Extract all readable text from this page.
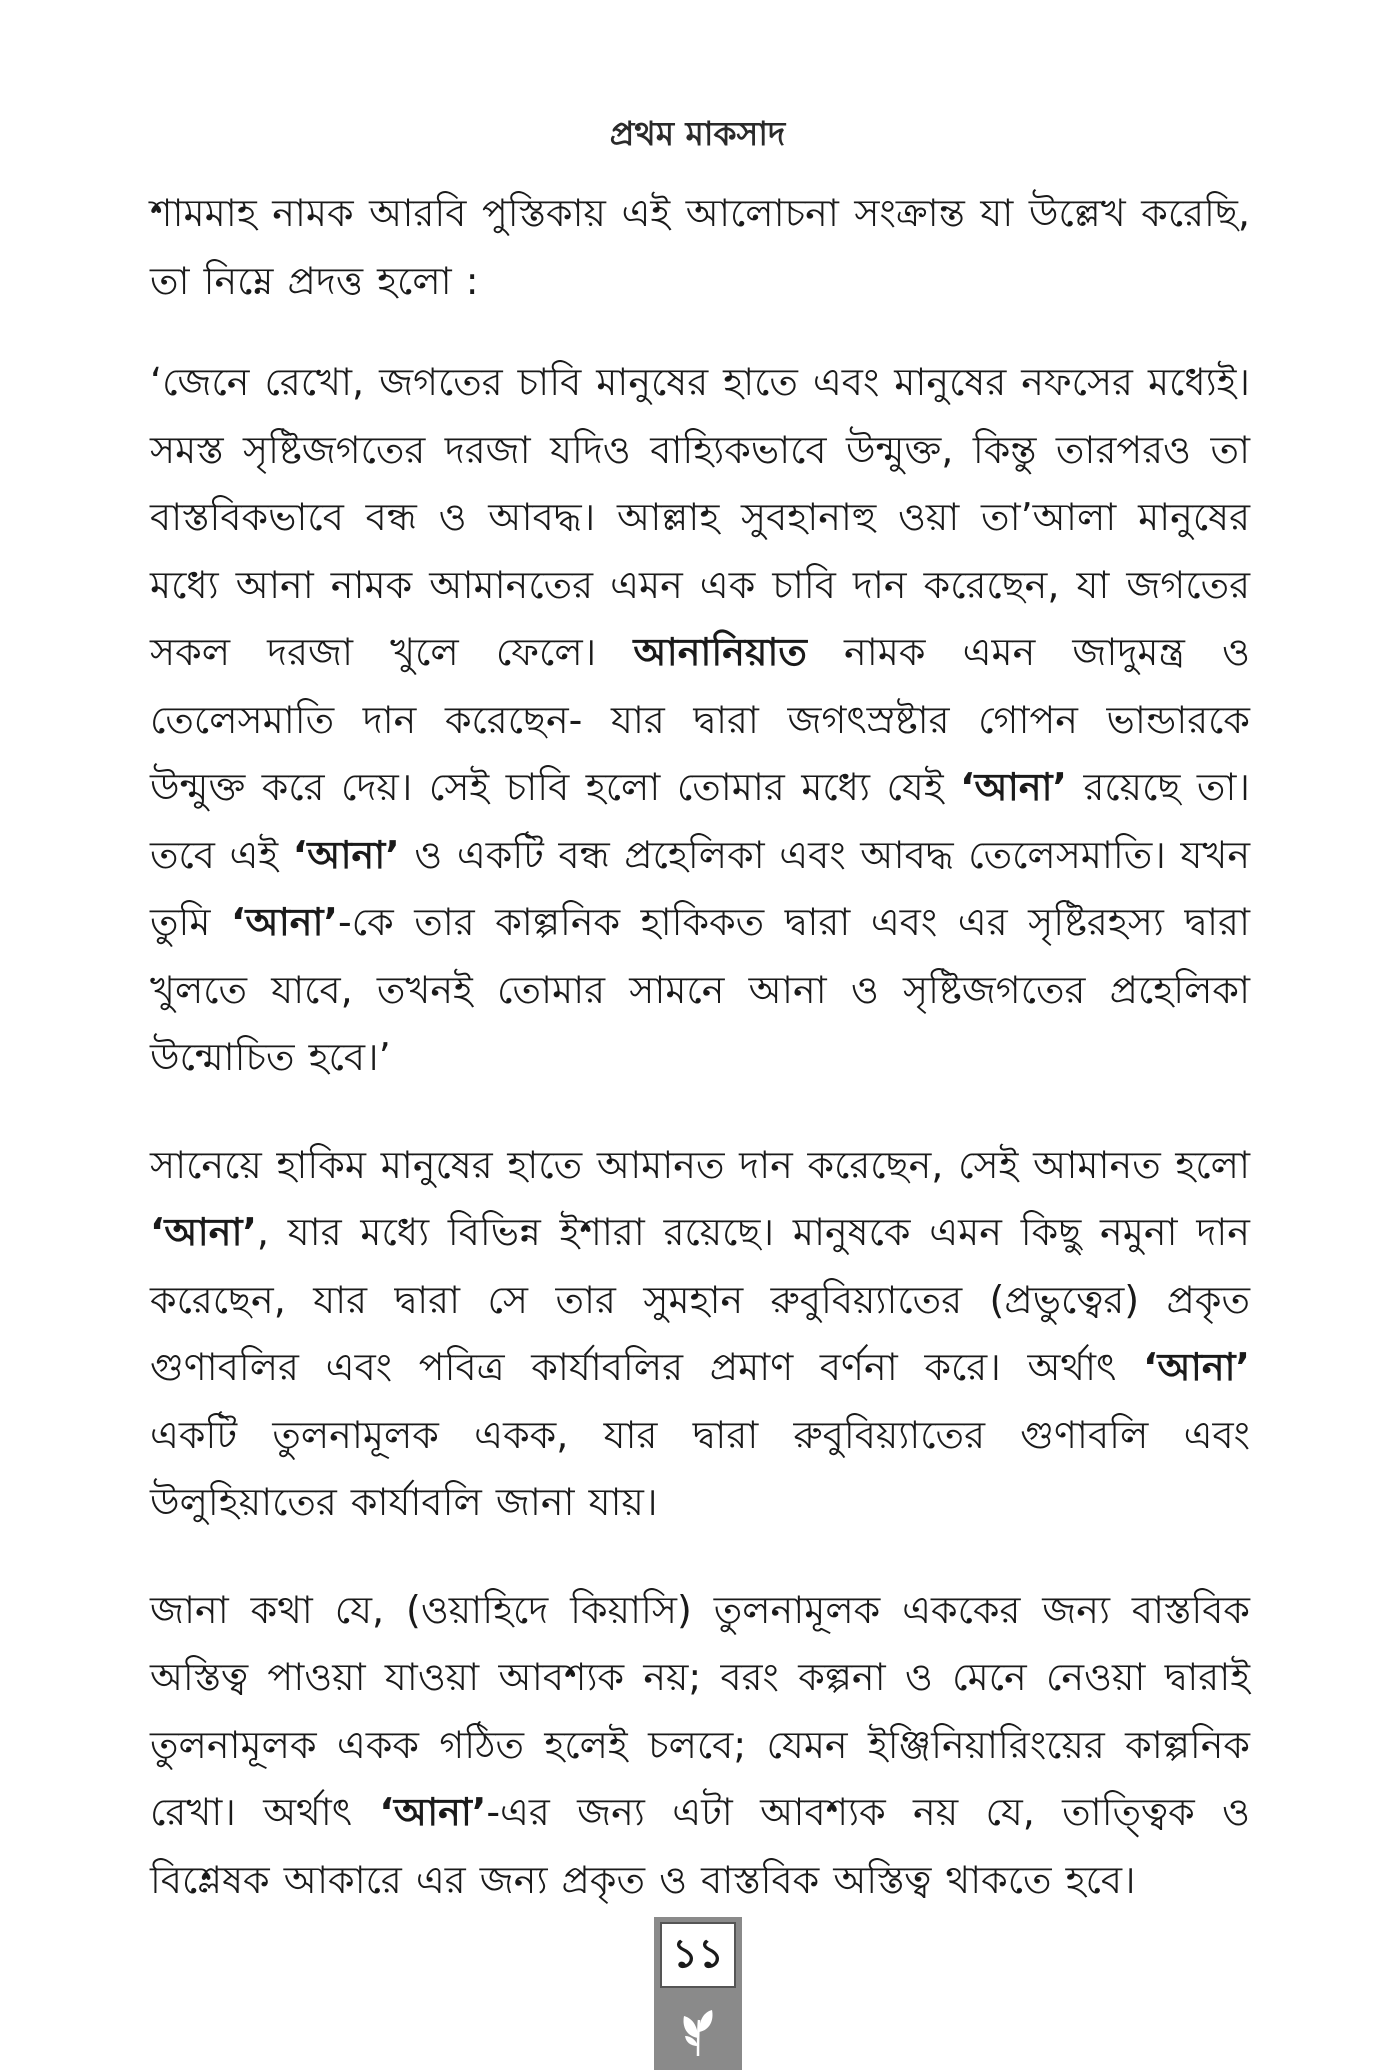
প্রথম মাকসাদ

শামমাহ নামক আরবি পুস্তিকায় এই আলোচনা সংক্রান্ত যা উল্লেখ করেছি, তা নিম্নে প্রদত্ত হলো :

‘জেনে রেখো, জগতের চাবি মানুষের হাতে এবং মানুষের নফসের মধ্যেই। সমস্ত সৃষ্টিজগতের দরজা যদিও বাহ্যিকভাবে উন্মুক্ত, কিন্তু তারপরও তা বাস্তবিকভাবে বন্ধ ও আবদ্ধ। আল্লাহ সুবহানাহু ওয়া তা’আলা মানুষের মধ্যে আনা নামক আমানতের এমন এক চাবি দান করেছেন, যা জগতের সকল দরজা খুলে ফেলে। আনানিয়াত নামক এমন জাদুমন্ত্র ও তেলেসমাতি দান করেছেন- যার দ্বারা জগৎস্রষ্টার গোপন ভান্ডারকে উন্মুক্ত করে দেয়। সেই চাবি হলো তোমার মধ্যে যেই ‘আনা’ রয়েছে তা। তবে এই ‘আনা’ ও একটি বন্ধ প্রহেলিকা এবং আবদ্ধ তেলেসমাতি। যখন তুমি ‘আনা’-কে তার কাল্পনিক হাকিকত দ্বারা এবং এর সৃষ্টিরহস্য দ্বারা খুলতে যাবে, তখনই তোমার সামনে আনা ও সৃষ্টিজগতের প্রহেলিকা উন্মোচিত হবে।’

সানেয়ে হাকিম মানুষের হাতে আমানত দান করেছেন, সেই আমানত হলো ‘আনা’, যার মধ্যে বিভিন্ন ইশারা রয়েছে। মানুষকে এমন কিছু নমুনা দান করেছেন, যার দ্বারা সে তার সুমহান রুবুবিয়্যাতের (প্রভুত্বের) প্রকৃত গুণাবলির এবং পবিত্র কার্যাবলির প্রমাণ বর্ণনা করে। অর্থাৎ ‘আনা’ একটি তুলনামূলক একক, যার দ্বারা রুবুবিয়্যাতের গুণাবলি এবং উলুহিয়াতের কার্যাবলি জানা যায়।

জানা কথা যে, (ওয়াহিদে কিয়াসি) তুলনামূলক এককের জন্য বাস্তবিক অস্তিত্ব পাওয়া যাওয়া আবশ্যক নয়; বরং কল্পনা ও মেনে নেওয়া দ্বারাই তুলনামূলক একক গঠিত হলেই চলবে; যেমন ইঞ্জিনিয়ারিংয়ের কাল্পনিক রেখা। অর্থাৎ ‘আনা’-এর জন্য এটা আবশ্যক নয় যে, তাত্ত্বিক ও বিশ্লেষক আকারে এর জন্য প্রকৃত ও বাস্তবিক অস্তিত্ব থাকতে হবে।

১১
